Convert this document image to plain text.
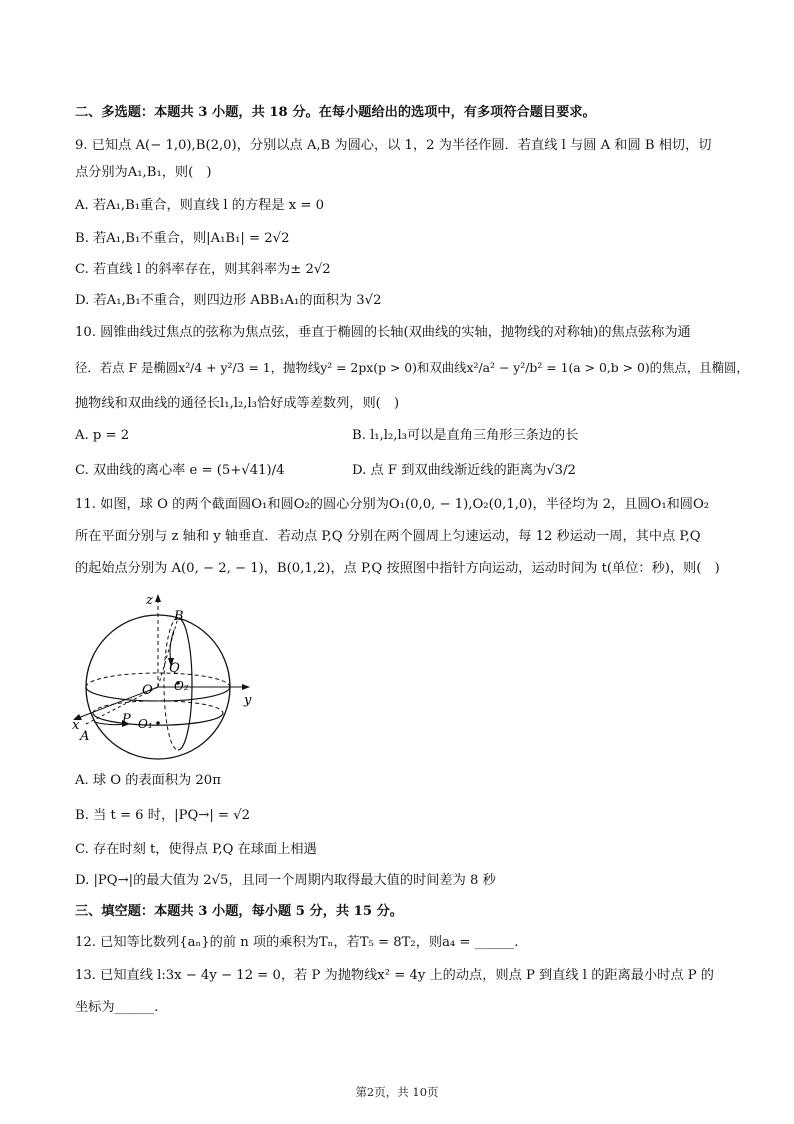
二、多选题：本题共 3 小题，共 18 分。在每小题给出的选项中，有多项符合题目要求。
9. 已知点 A(− 1,0),B(2,0)，分别以点 A,B 为圆心，以 1，2 为半径作圆．若直线 l 与圆 A 和圆 B 相切，切
点分别为A₁,B₁，则(　)
A. 若A₁,B₁重合，则直线 l 的方程是 x = 0
B. 若A₁,B₁不重合，则|A₁B₁| = 2√2
C. 若直线 l 的斜率存在，则其斜率为± 2√2
D. 若A₁,B₁不重合，则四边形 ABB₁A₁的面积为 3√2
10. 圆锥曲线过焦点的弦称为焦点弦，垂直于椭圆的长轴(双曲线的实轴，抛物线的对称轴)的焦点弦称为通
径．若点 F 是椭圆x²/4 + y²/3 = 1，抛物线y² = 2px(p > 0)和双曲线x²/a² − y²/b² = 1(a > 0,b > 0)的焦点，且椭圆，
抛物线和双曲线的通径长l₁,l₂,l₃恰好成等差数列，则(　)
A. p = 2	B. l₁,l₂,l₃可以是直角三角形三条边的长
C. 双曲线的离心率 e = (5+√41)/4	D. 点 F 到双曲线渐近线的距离为√3/2
11. 如图，球 O 的两个截面圆O₁和圆O₂的圆心分别为O₁(0,0, − 1),O₂(0,1,0)，半径均为 2，且圆O₁和圆O₂
所在平面分别与 z 轴和 y 轴垂直．若动点 P,Q 分别在两个圆周上匀速运动，每 12 秒运动一周，其中点 P,Q
的起始点分别为 A(0, − 2, − 1)，B(0,1,2)，点 P,Q 按照图中指针方向运动，运动时间为 t(单位：秒)，则(　)
z
y
x
B
Q
O O₂
P O₁
A
A. 球 O 的表面积为 20π
B. 当 t = 6 时，|PQ→| = √2
C. 存在时刻 t，使得点 P,Q 在球面上相遇
D. |PQ→|的最大值为 2√5，且同一个周期内取得最大值的时间差为 8 秒
三、填空题：本题共 3 小题，每小题 5 分，共 15 分。
12. 已知等比数列{aₙ}的前 n 项的乘积为Tₙ，若T₅ = 8T₂，则a₄ = ______.
13. 已知直线 l:3x − 4y − 12 = 0，若 P 为抛物线x² = 4y 上的动点，则点 P 到直线 l 的距离最小时点 P 的
坐标为______.
第2页，共 10页
